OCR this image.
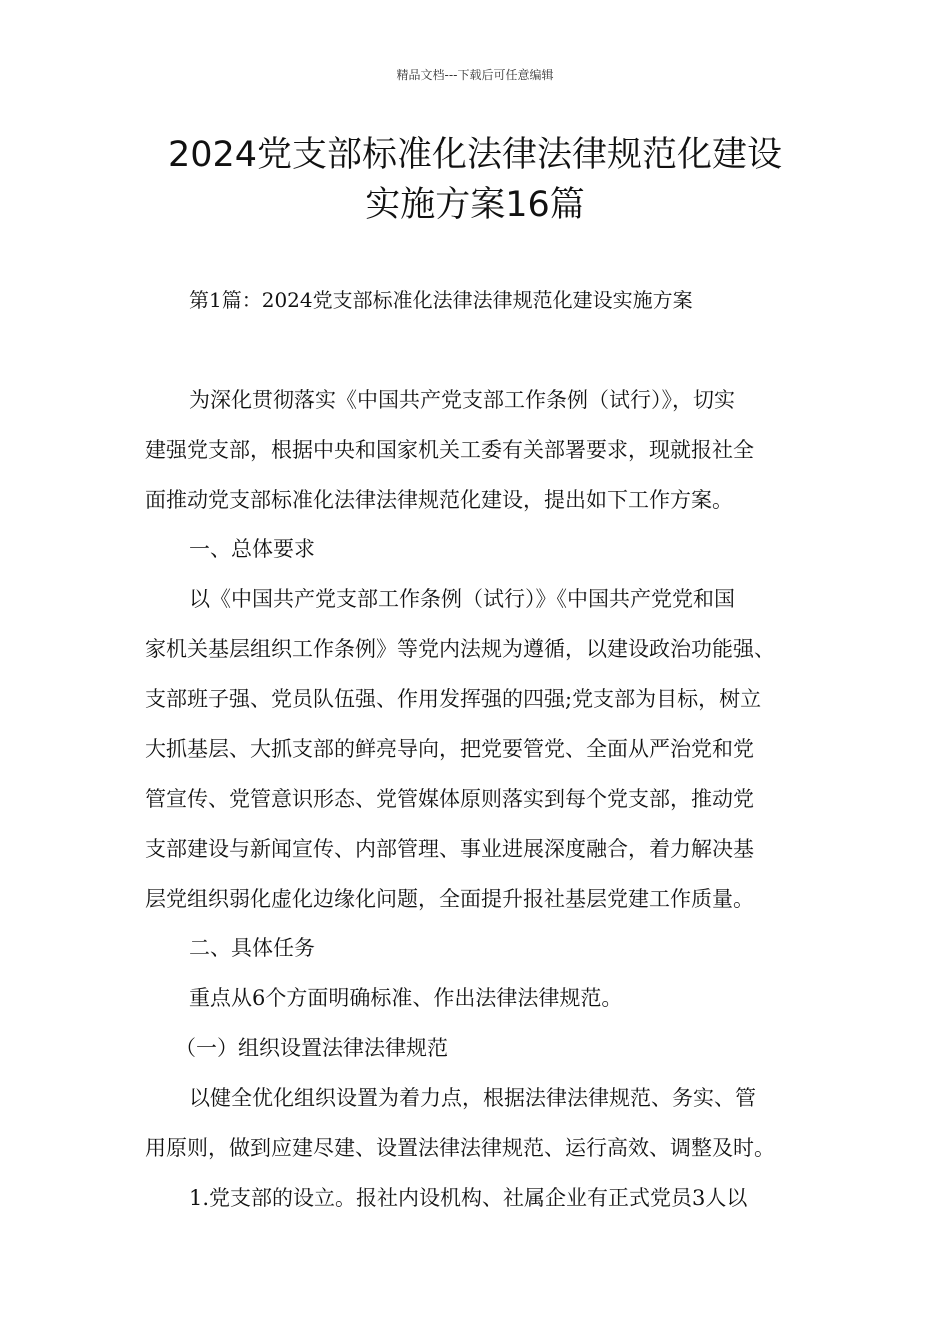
精品文档---下载后可任意编辑
2024党支部标准化法律法律规范化建设
实施方案16篇
第1篇：2024党支部标准化法律法律规范化建设实施方案
为深化贯彻落实《中国共产党支部工作条例（试行）》，切实
建强党支部，根据中央和国家机关工委有关部署要求，现就报社全
面推动党支部标准化法律法律规范化建设，提出如下工作方案。
一、总体要求
以《中国共产党支部工作条例（试行）》《中国共产党党和国
家机关基层组织工作条例》等党内法规为遵循，以建设政治功能强、
支部班子强、党员队伍强、作用发挥强的四强;党支部为目标，树立
大抓基层、大抓支部的鲜亮导向，把党要管党、全面从严治党和党
管宣传、党管意识形态、党管媒体原则落实到每个党支部，推动党
支部建设与新闻宣传、内部管理、事业进展深度融合，着力解决基
层党组织弱化虚化边缘化问题，全面提升报社基层党建工作质量。
二、具体任务
重点从6个方面明确标准、作出法律法律规范。
（一）组织设置法律法律规范
以健全优化组织设置为着力点，根据法律法律规范、务实、管
用原则，做到应建尽建、设置法律法律规范、运行高效、调整及时。
1.党支部的设立。报社内设机构、社属企业有正式党员3人以
